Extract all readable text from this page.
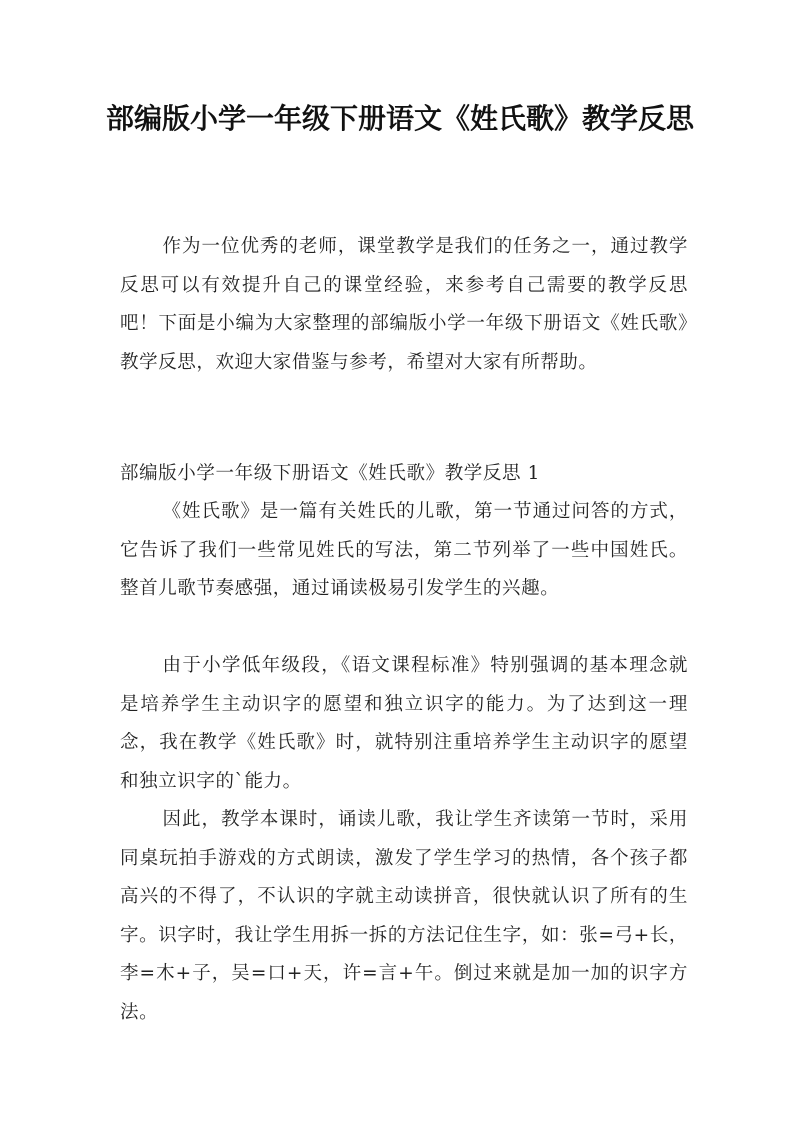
部编版小学一年级下册语文《姓氏歌》教学反思

作为一位优秀的老师，课堂教学是我们的任务之一，通过教学反思可以有效提升自己的课堂经验，来参考自己需要的教学反思吧！下面是小编为大家整理的部编版小学一年级下册语文《姓氏歌》教学反思，欢迎大家借鉴与参考，希望对大家有所帮助。

部编版小学一年级下册语文《姓氏歌》教学反思 1

《姓氏歌》是一篇有关姓氏的儿歌，第一节通过问答的方式，它告诉了我们一些常见姓氏的写法，第二节列举了一些中国姓氏。整首儿歌节奏感强，通过诵读极易引发学生的兴趣。

由于小学低年级段，《语文课程标准》特别强调的基本理念就是培养学生主动识字的愿望和独立识字的能力。为了达到这一理念，我在教学《姓氏歌》时，就特别注重培养学生主动识字的愿望和独立识字的`能力。

因此，教学本课时，诵读儿歌，我让学生齐读第一节时，采用同桌玩拍手游戏的方式朗读，激发了学生学习的热情，各个孩子都高兴的不得了，不认识的字就主动读拼音，很快就认识了所有的生字。识字时，我让学生用拆一拆的方法记住生字，如：张=弓+长，李=木+子，吴=口+天，许=言+午。倒过来就是加一加的识字方法。
